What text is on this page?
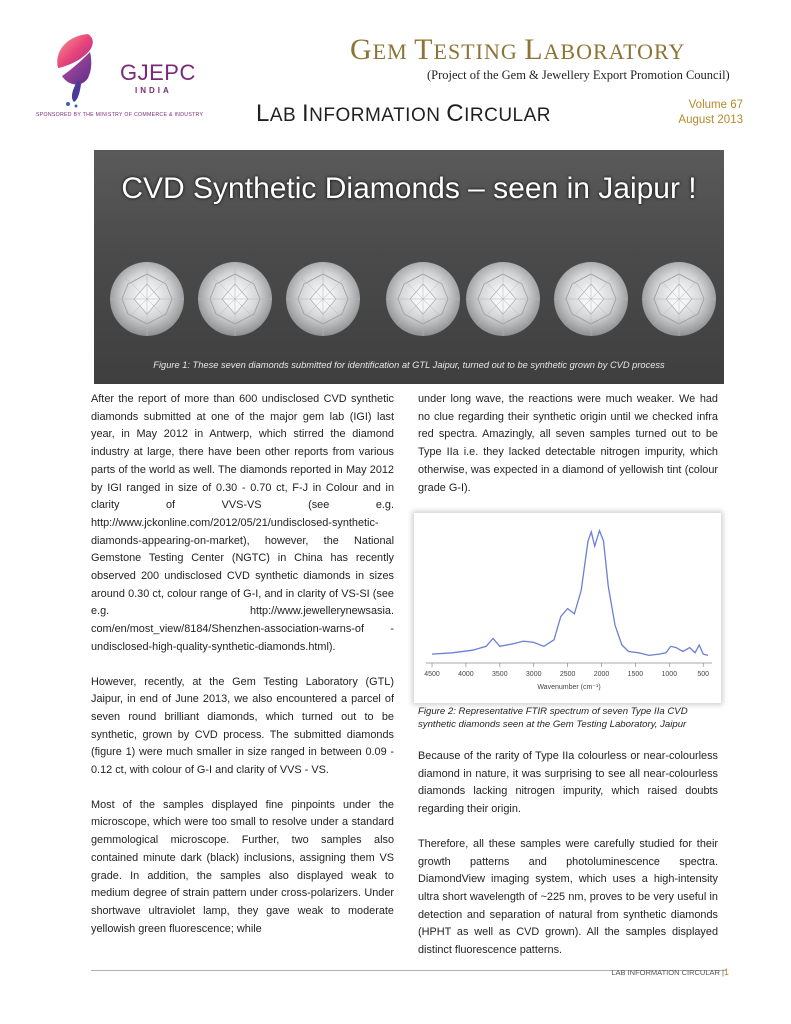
GJEPC
INDIA
SPONSORED BY THE MINISTRY OF COMMERCE & INDUSTRY
GEM TESTING LABORATORY
(Project of the Gem & Jewellery Export Promotion Council)
LAB INFORMATION CIRCULAR	Volume 67
August 2013
CVD Synthetic Diamonds – seen in Jaipur !
Figure 1: These seven diamonds submitted for identification at GTL Jaipur, turned out to be synthetic grown by CVD process

After the report of more than 600 undisclosed CVD synthetic diamonds submitted at one of the major gem lab (IGI) last year, in May 2012 in Antwerp, which stirred the diamond industry at large, there have been other reports from various parts of the world as well. The diamonds reported in May 2012 by IGI ranged in size of 0.30 - 0.70 ct, F-J in Colour and in clarity of VVS-VS (see e.g. http://www.jckonline.com/2012/05/21/undisclosed-synthetic-diamonds-appearing-on-market), however, the National Gemstone Testing Center (NGTC) in China has recently observed 200 undisclosed CVD synthetic diamonds in sizes around 0.30 ct, colour range of G-I, and in clarity of VS-SI (see e.g. http://www.jewellerynewsasia. com/en/most_view/8184/Shenzhen-association-warns-of -undisclosed-high-quality-synthetic-diamonds.html).

However, recently, at the Gem Testing Laboratory (GTL) Jaipur, in end of June 2013, we also encountered a parcel of seven round brilliant diamonds, which turned out to be synthetic, grown by CVD process. The submitted diamonds (figure 1) were much smaller in size ranged in between 0.09 - 0.12 ct, with colour of G-I and clarity of VVS - VS.

Most of the samples displayed fine pinpoints under the microscope, which were too small to resolve under a standard gemmological microscope. Further, two samples also contained minute dark (black) inclusions, assigning them VS grade. In addition, the samples also displayed weak to medium degree of strain pattern under cross-polarizers. Under shortwave ultraviolet lamp, they gave weak to moderate yellowish green fluorescence; while

under long wave, the reactions were much weaker. We had no clue regarding their synthetic origin until we checked infra red spectra. Amazingly, all seven samples turned out to be Type IIa i.e. they lacked detectable nitrogen impurity, which otherwise, was expected in a diamond of yellowish tint (colour grade G-I).

4500	4000	3500	3000	2500	2000	1500	1000	500
Wavenumber (cm⁻¹)
Figure 2: Representative FTIR spectrum of seven Type IIa CVD synthetic diamonds seen at the Gem Testing Laboratory, Jaipur

Because of the rarity of Type IIa colourless or near-colourless diamond in nature, it was surprising to see all near-colourless diamonds lacking nitrogen impurity, which raised doubts regarding their origin.

Therefore, all these samples were carefully studied for their growth patterns and photoluminescence spectra. DiamondView imaging system, which uses a high-intensity ultra short wavelength of ~225 nm, proves to be very useful in detection and separation of natural from synthetic diamonds (HPHT as well as CVD grown). All the samples displayed distinct fluorescence patterns.

LAB INFORMATION CIRCULAR |1
